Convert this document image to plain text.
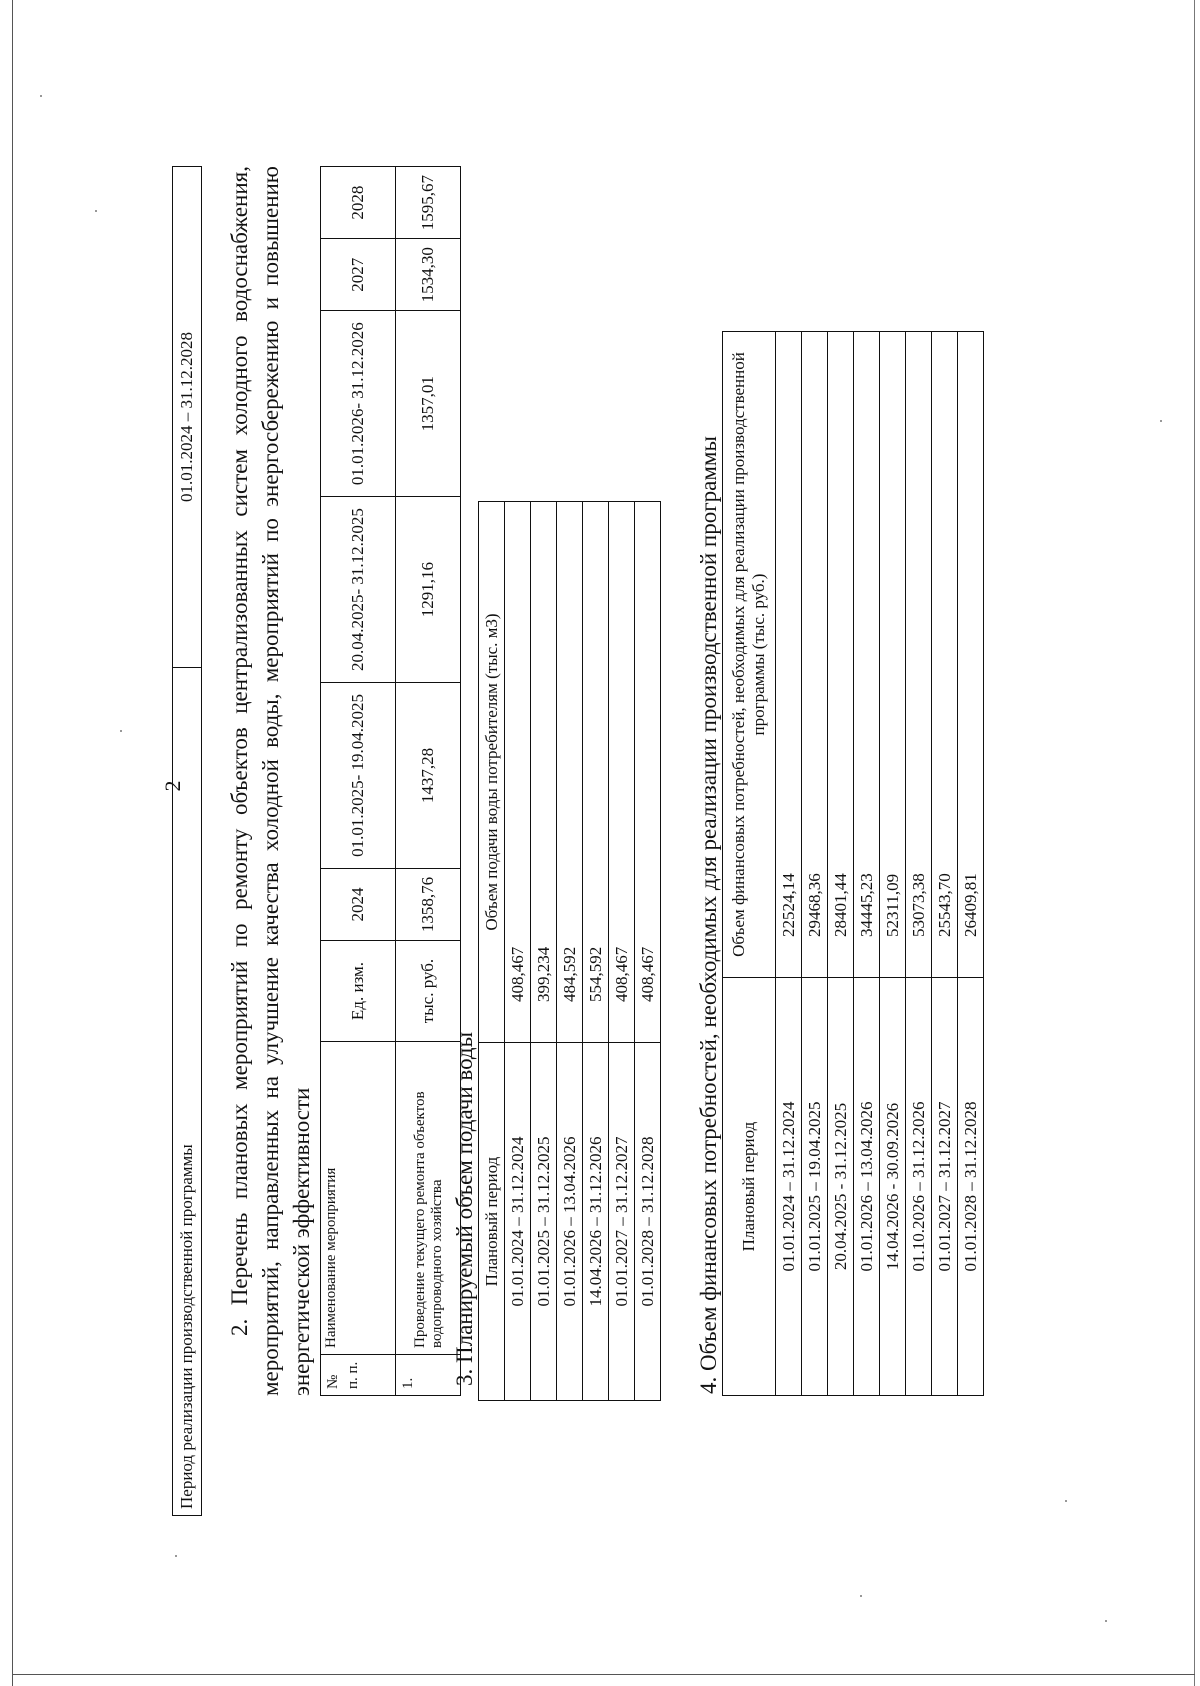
2
Период реализации производственной программы	01.01.2024 – 31.12.2028 2. Перечень плановых мероприятий по ремонту объектов централизованных систем холодного водоснабжения, мероприятий, направленных на улучшение качества холодной воды, мероприятий по энергосбережению и повышению энергетической эффективности № п. п.	Наименование мероприятия	Ед. изм.	2024	01.01.2025- 19.04.2025	20.04.2025- 31.12.2025	01.01.2026- 31.12.2026	2027	2028
1.	Проведение текущего ремонта объектов водопроводного хозяйства	тыс. руб.	1358,76	1437,28	1291,16	1357,01	1534,30	1595,67
3. Планируемый объем подачи воды Плановый период	Объем подачи воды потребителям (тыс. м3)
01.01.2024 – 31.12.2024	408,467
01.01.2025 – 31.12.2025	399,234
01.01.2026 – 13.04.2026	484,592
14.04.2026 – 31.12.2026	554,592
01.01.2027 – 31.12.2027	408,467
01.01.2028 – 31.12.2028	408,467 4. Объем финансовых потребностей, необходимых для реализации производственной программы Плановый период	Объем финансовых потребностей, необходимых для реализации производственной программы (тыс. руб.)
01.01.2024 – 31.12.2024	22524,14
01.01.2025 – 19.04.2025	29468,36
20.04.2025 - 31.12.2025	28401,44
01.01.2026 – 13.04.2026	34445,23
14.04.2026 - 30.09.2026	52311,09
01.10.2026 – 31.12.2026	53073,38
01.01.2027 – 31.12.2027	25543,70
01.01.2028 – 31.12.2028	26409,81
